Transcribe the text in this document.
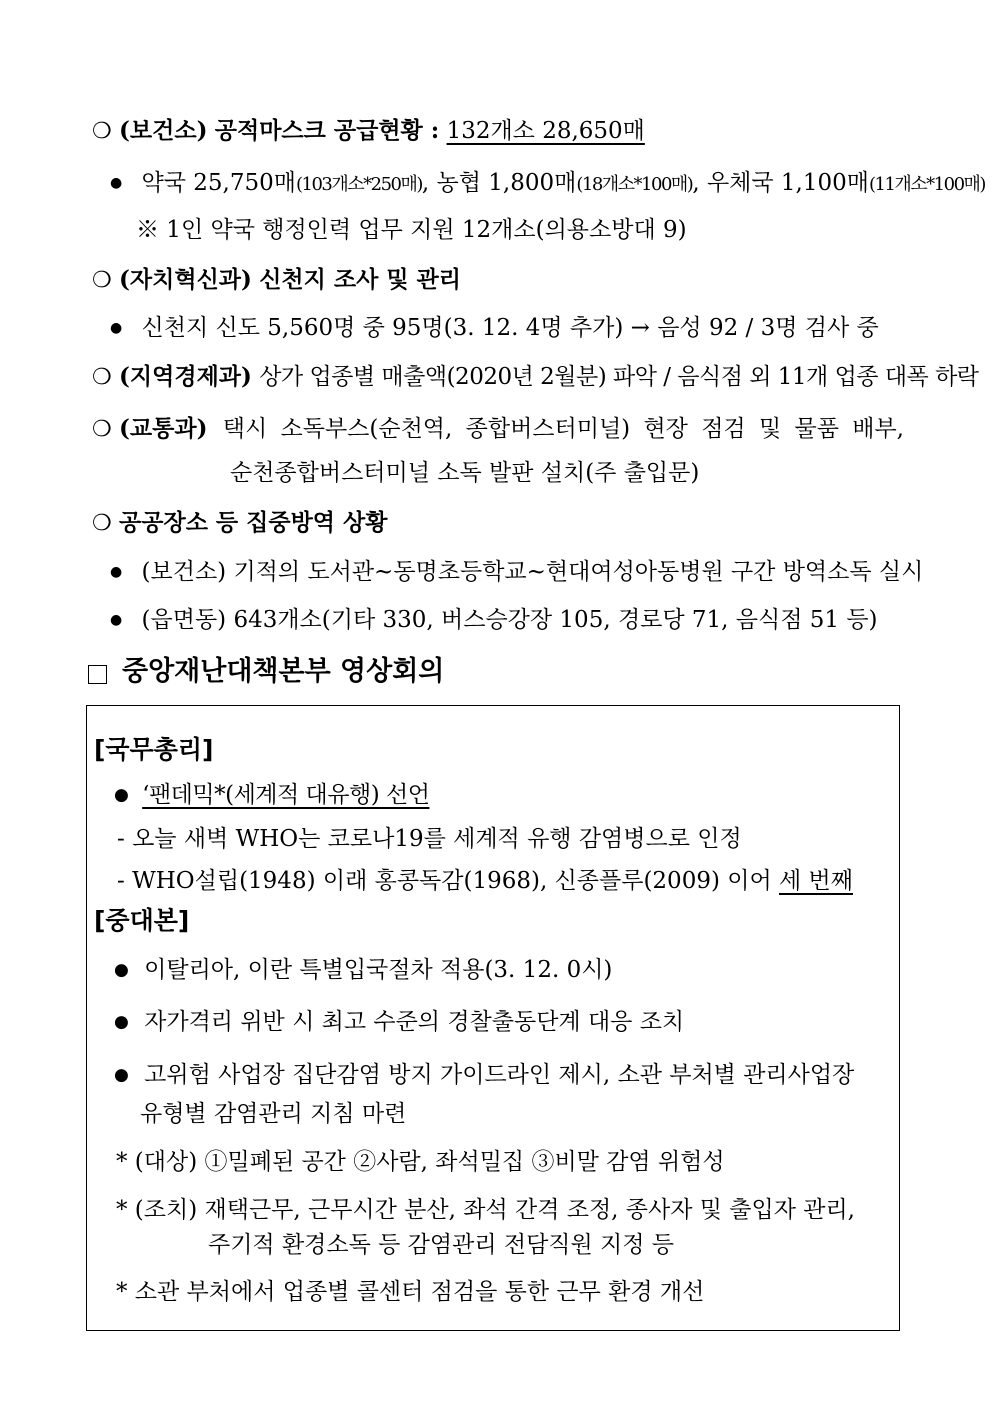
❍ (보건소) 공적마스크 공급현황 : 132개소 28,650매
● 약국 25,750매(103개소*250매), 농협 1,800매(18개소*100매), 우체국 1,100매(11개소*100매)
※ 1인 약국 행정인력 업무 지원 12개소(의용소방대 9)
❍ (자치혁신과) 신천지 조사 및 관리
● 신천지 신도 5,560명 중 95명(3. 12. 4명 추가) → 음성 92 / 3명 검사 중
❍ (지역경제과) 상가 업종별 매출액(2020년 2월분) 파악 / 음식점 외 11개 업종 대폭 하락
❍ (교통과) 택시 소독부스(순천역, 종합버스터미널) 현장 점검 및 물품 배부,
순천종합버스터미널 소독 발판 설치(주 출입문)
❍ 공공장소 등 집중방역 상황
● (보건소) 기적의 도서관~동명초등학교~현대여성아동병원 구간 방역소독 실시
● (읍면동) 643개소(기타 330, 버스승강장 105, 경로당 71, 음식점 51 등)
중앙재난대책본부 영상회의
[국무총리]
● ‘팬데믹*(세계적 대유행) 선언
- 오늘 새벽 WHO는 코로나19를 세계적 유행 감염병으로 인정
- WHO설립(1948) 이래 홍콩독감(1968), 신종플루(2009) 이어 세 번째
[중대본]
● 이탈리아, 이란 특별입국절차 적용(3. 12. 0시)
● 자가격리 위반 시 최고 수준의 경찰출동단계 대응 조치
● 고위험 사업장 집단감염 방지 가이드라인 제시, 소관 부처별 관리사업장
유형별 감염관리 지침 마련
* (대상) ①밀폐된 공간 ②사람, 좌석밀집 ③비말 감염 위험성
* (조치) 재택근무, 근무시간 분산, 좌석 간격 조정, 종사자 및 출입자 관리,
주기적 환경소독 등 감염관리 전담직원 지정 등
* 소관 부처에서 업종별 콜센터 점검을 통한 근무 환경 개선
